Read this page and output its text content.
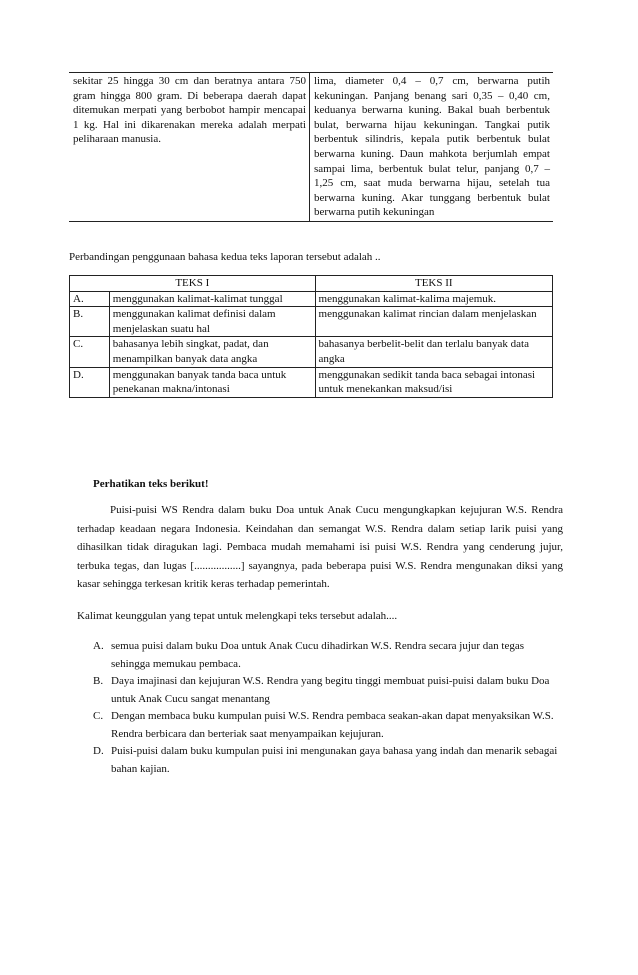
sekitar 25 hingga 30 cm dan beratnya antara 750 gram hingga 800 gram. Di beberapa daerah dapat ditemukan merpati yang berbobot hampir mencapai 1 kg. Hal ini dikarenakan mereka adalah merpati peliharaan manusia.
lima, diameter 0,4 – 0,7 cm, berwarna putih kekuningan. Panjang benang sari 0,35 – 0,40 cm, keduanya berwarna kuning. Bakal buah berbentuk bulat, berwarna hijau kekuningan. Tangkai putik berbentuk silindris, kepala putik berbentuk bulat berwarna kuning. Daun mahkota berjumlah empat sampai lima, berbentuk bulat telur, panjang 0,7 – 1,25 cm, saat muda berwarna hijau, setelah tua berwarna kuning. Akar tunggang berbentuk bulat berwarna putih kekuningan
Perbandingan penggunaan bahasa kedua teks laporan tersebut adalah ..
TEKS I		TEKS II
A.	menggunakan kalimat-kalimat tunggal	menggunakan kalimat-kalima majemuk.
B.	menggunakan kalimat definisi dalam menjelaskan suatu hal	menggunakan kalimat rincian dalam menjelaskan
C.	bahasanya lebih singkat, padat, dan menampilkan banyak data angka	bahasanya berbelit-belit dan terlalu banyak data angka
D.	menggunakan banyak tanda baca untuk penekanan makna/intonasi	menggunakan sedikit tanda baca sebagai intonasi untuk menekankan maksud/isi
Perhatikan teks berikut!
Puisi-puisi WS Rendra dalam buku Doa untuk Anak Cucu mengungkapkan kejujuran W.S. Rendra terhadap keadaan negara Indonesia. Keindahan dan semangat W.S. Rendra dalam setiap larik puisi yang dihasilkan tidak diragukan lagi. Pembaca mudah memahami isi puisi W.S. Rendra yang cenderung jujur, terbuka tegas, dan lugas [.................] sayangnya, pada beberapa puisi W.S. Rendra mengunakan diksi yang kasar sehingga terkesan kritik keras terhadap pemerintah.
Kalimat keunggulan yang tepat untuk melengkapi teks tersebut adalah....
A. semua puisi dalam buku Doa untuk Anak Cucu dihadirkan W.S. Rendra secara jujur dan tegas sehingga memukau pembaca.
B. Daya imajinasi dan kejujuran W.S. Rendra yang begitu tinggi membuat puisi-puisi dalam buku Doa untuk Anak Cucu sangat menantang
C. Dengan membaca buku kumpulan puisi W.S. Rendra pembaca seakan-akan dapat menyaksikan W.S. Rendra berbicara dan berteriak saat menyampaikan kejujuran.
D. Puisi-puisi dalam buku kumpulan puisi ini mengunakan gaya bahasa yang indah dan menarik sebagai bahan kajian.
